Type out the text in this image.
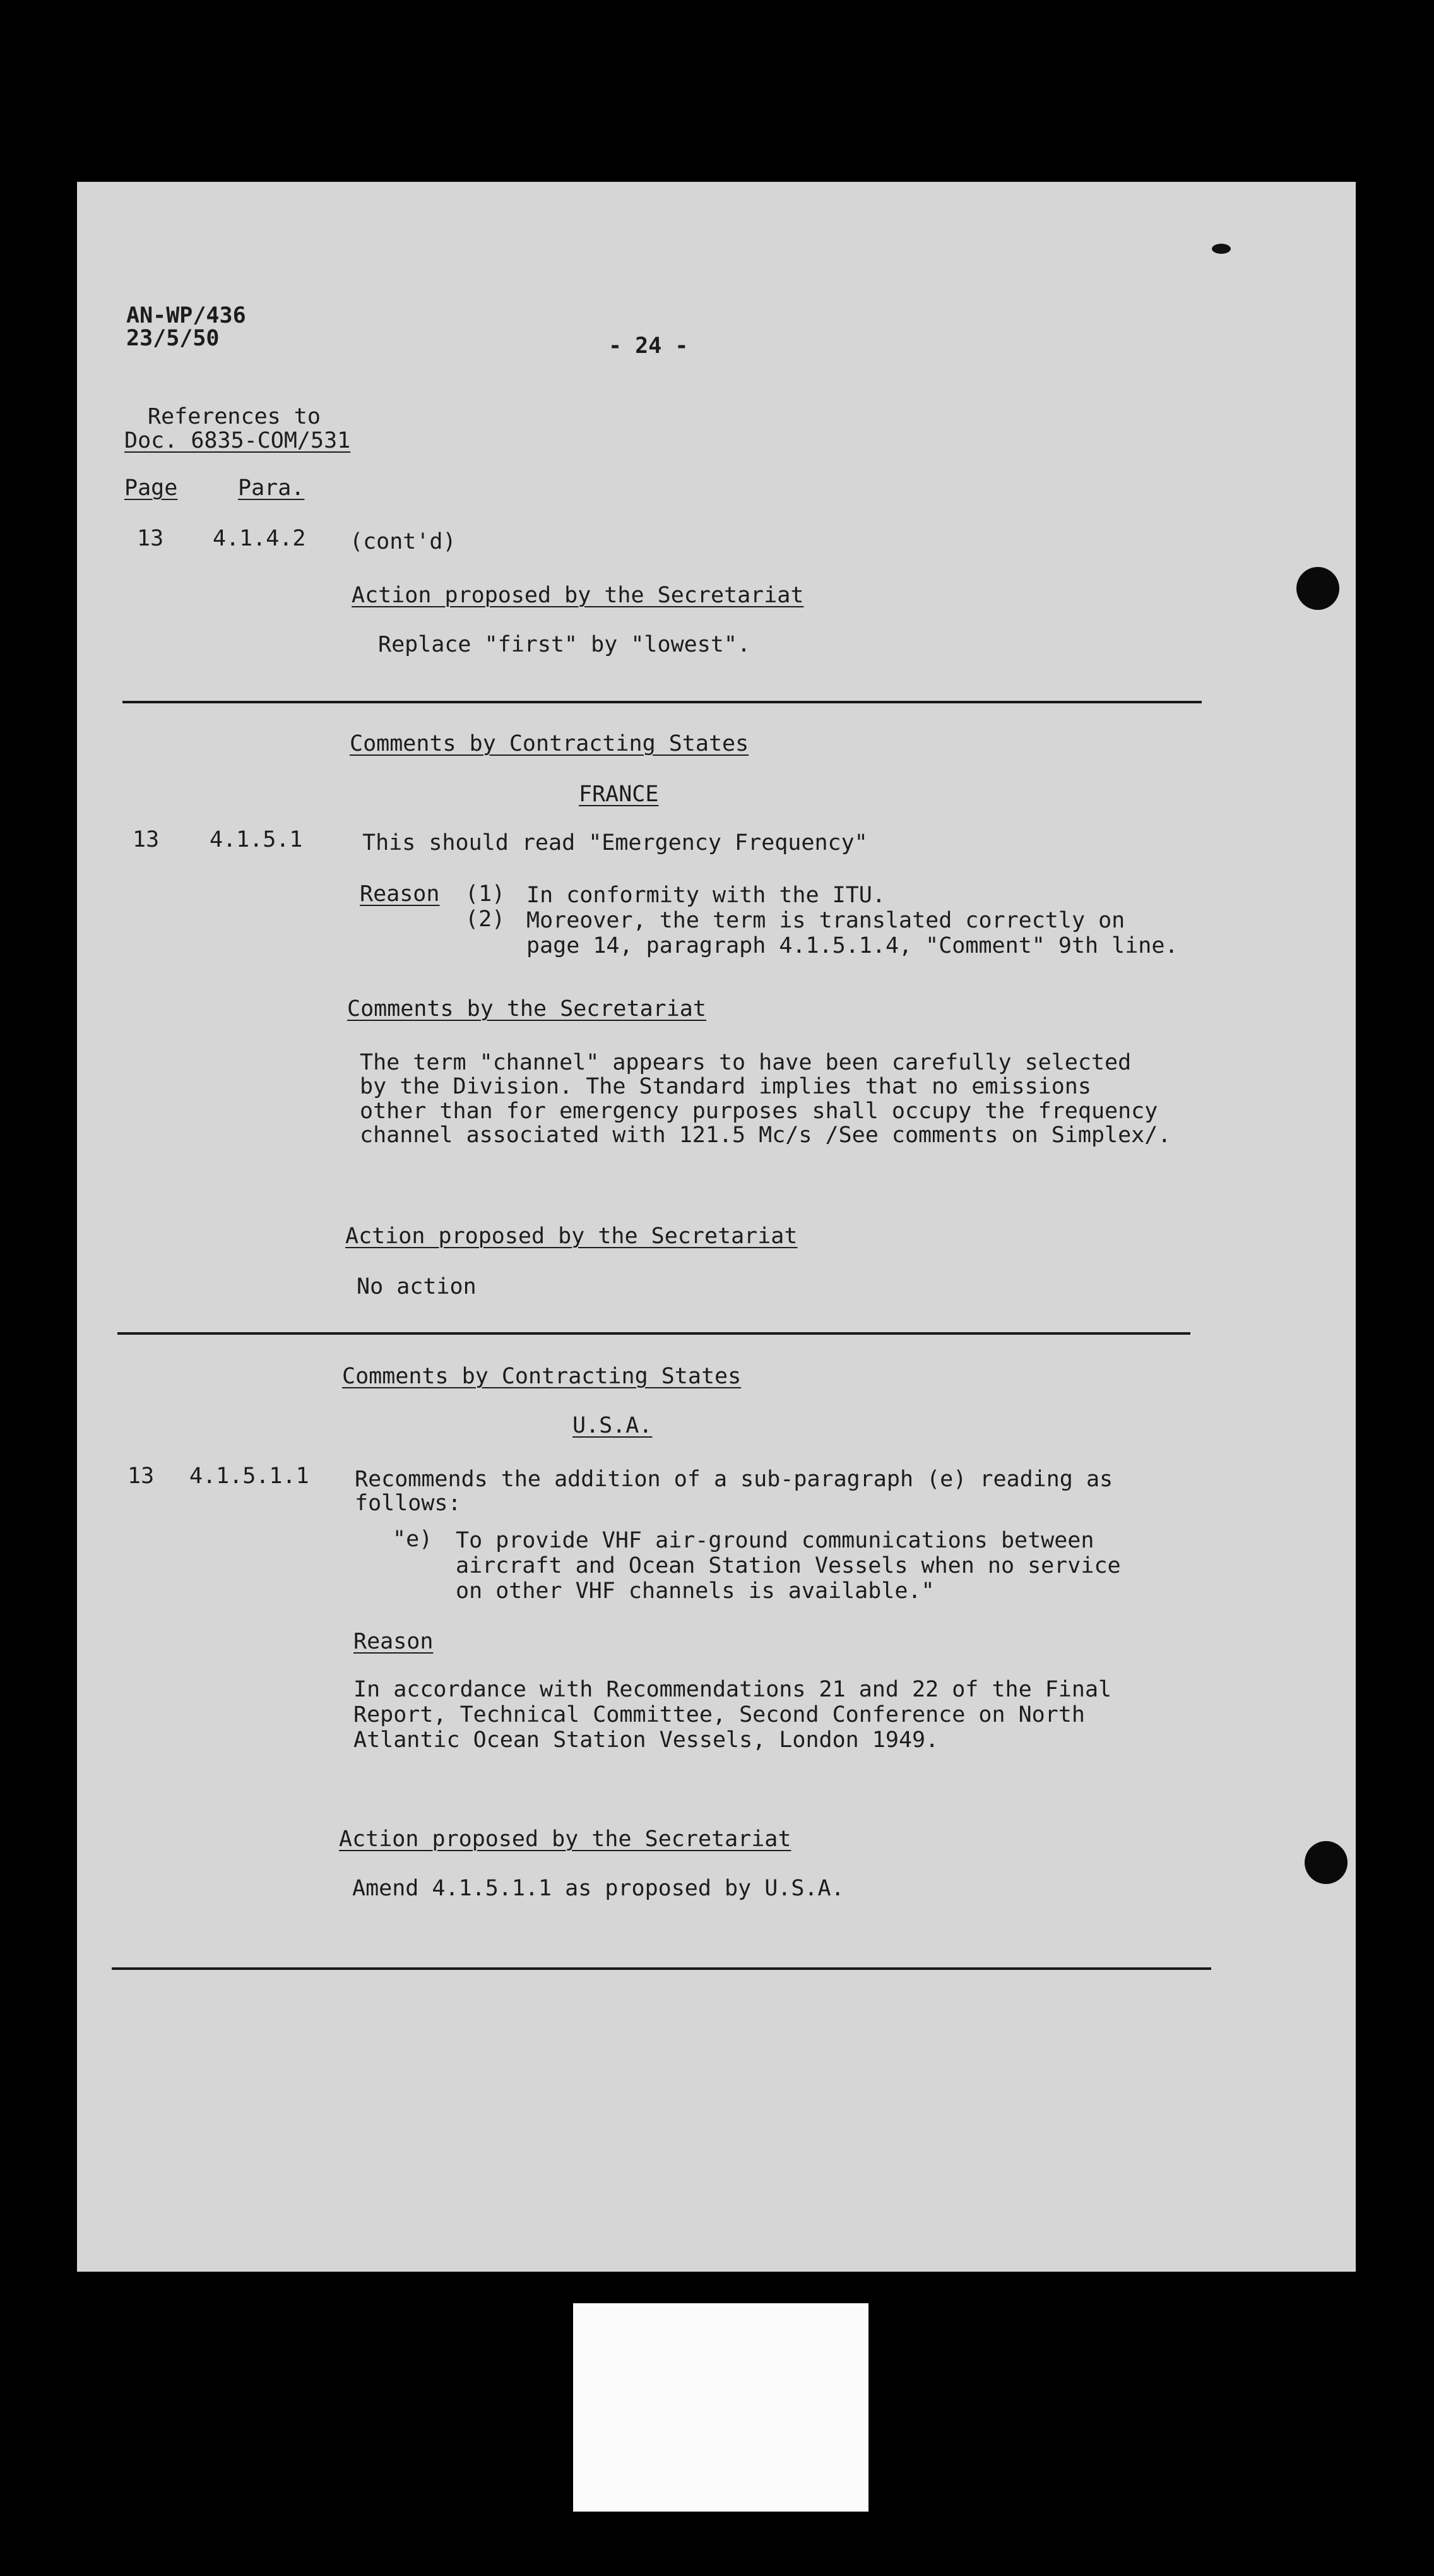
AN-WP/436
23/5/50	- 24 -
References to
Doc. 6835-COM/531
Page	Para.
13 4.1.4.2 (cont'd)
Action proposed by the Secretariat
Replace "first" by "lowest".
Comments by Contracting States
FRANCE
13 4.1.5.1	This should read "Emergency Frequency"
Reason (1) In conformity with the ITU.
(2) Moreover, the term is translated correctly on
page 14, paragraph 4.1.5.1.4, "Comment" 9th line.
Comments by the Secretariat
The term "channel" appears to have been carefully selected
by the Division. The Standard implies that no emissions
other than for emergency purposes shall occupy the frequency
channel associated with 121.5 Mc/s /See comments on Simplex/.
Action proposed by the Secretariat
No action
Comments by Contracting States
U.S.A.
13 4.1.5.1.1 Recommends the addition of a sub-paragraph (e) reading as
follows:
"e) To provide VHF air-ground communications between
aircraft and Ocean Station Vessels when no service
on other VHF channels is available."
Reason
In accordance with Recommendations 21 and 22 of the Final
Report, Technical Committee, Second Conference on North
Atlantic Ocean Station Vessels, London 1949.
Action proposed by the Secretariat
Amend 4.1.5.1.1 as proposed by U.S.A.
